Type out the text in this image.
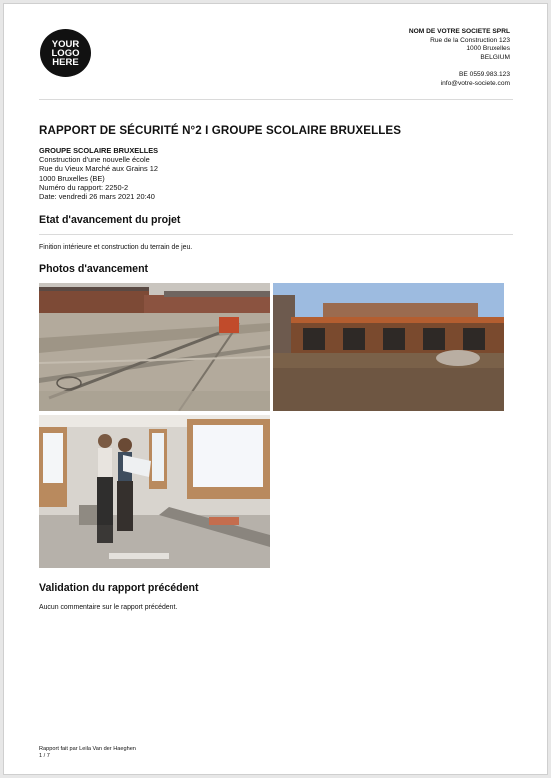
YOUR
LOGO
HERE
NOM DE VOTRE SOCIETE SPRL
Rue de la Construction 123
1000 Bruxelles
BELGIUM
BE 0559.983.123
info@votre-societe.com
RAPPORT DE SÉCURITÉ N°2 I GROUPE SCOLAIRE BRUXELLES
GROUPE SCOLAIRE BRUXELLES
Construction d'une nouvelle école
Rue du Vieux Marché aux Grains 12
1000 Bruxelles (BE)
Numéro du rapport: 2250-2
Date: vendredi 26 mars 2021 20:40
Etat d'avancement du projet
Finition intérieure et construction du terrain de jeu.
Photos d'avancement
Validation du rapport précédent
Aucun commentaire sur le rapport précédent.
Rapport fait par Leila Van der Haeghen
1 / 7
